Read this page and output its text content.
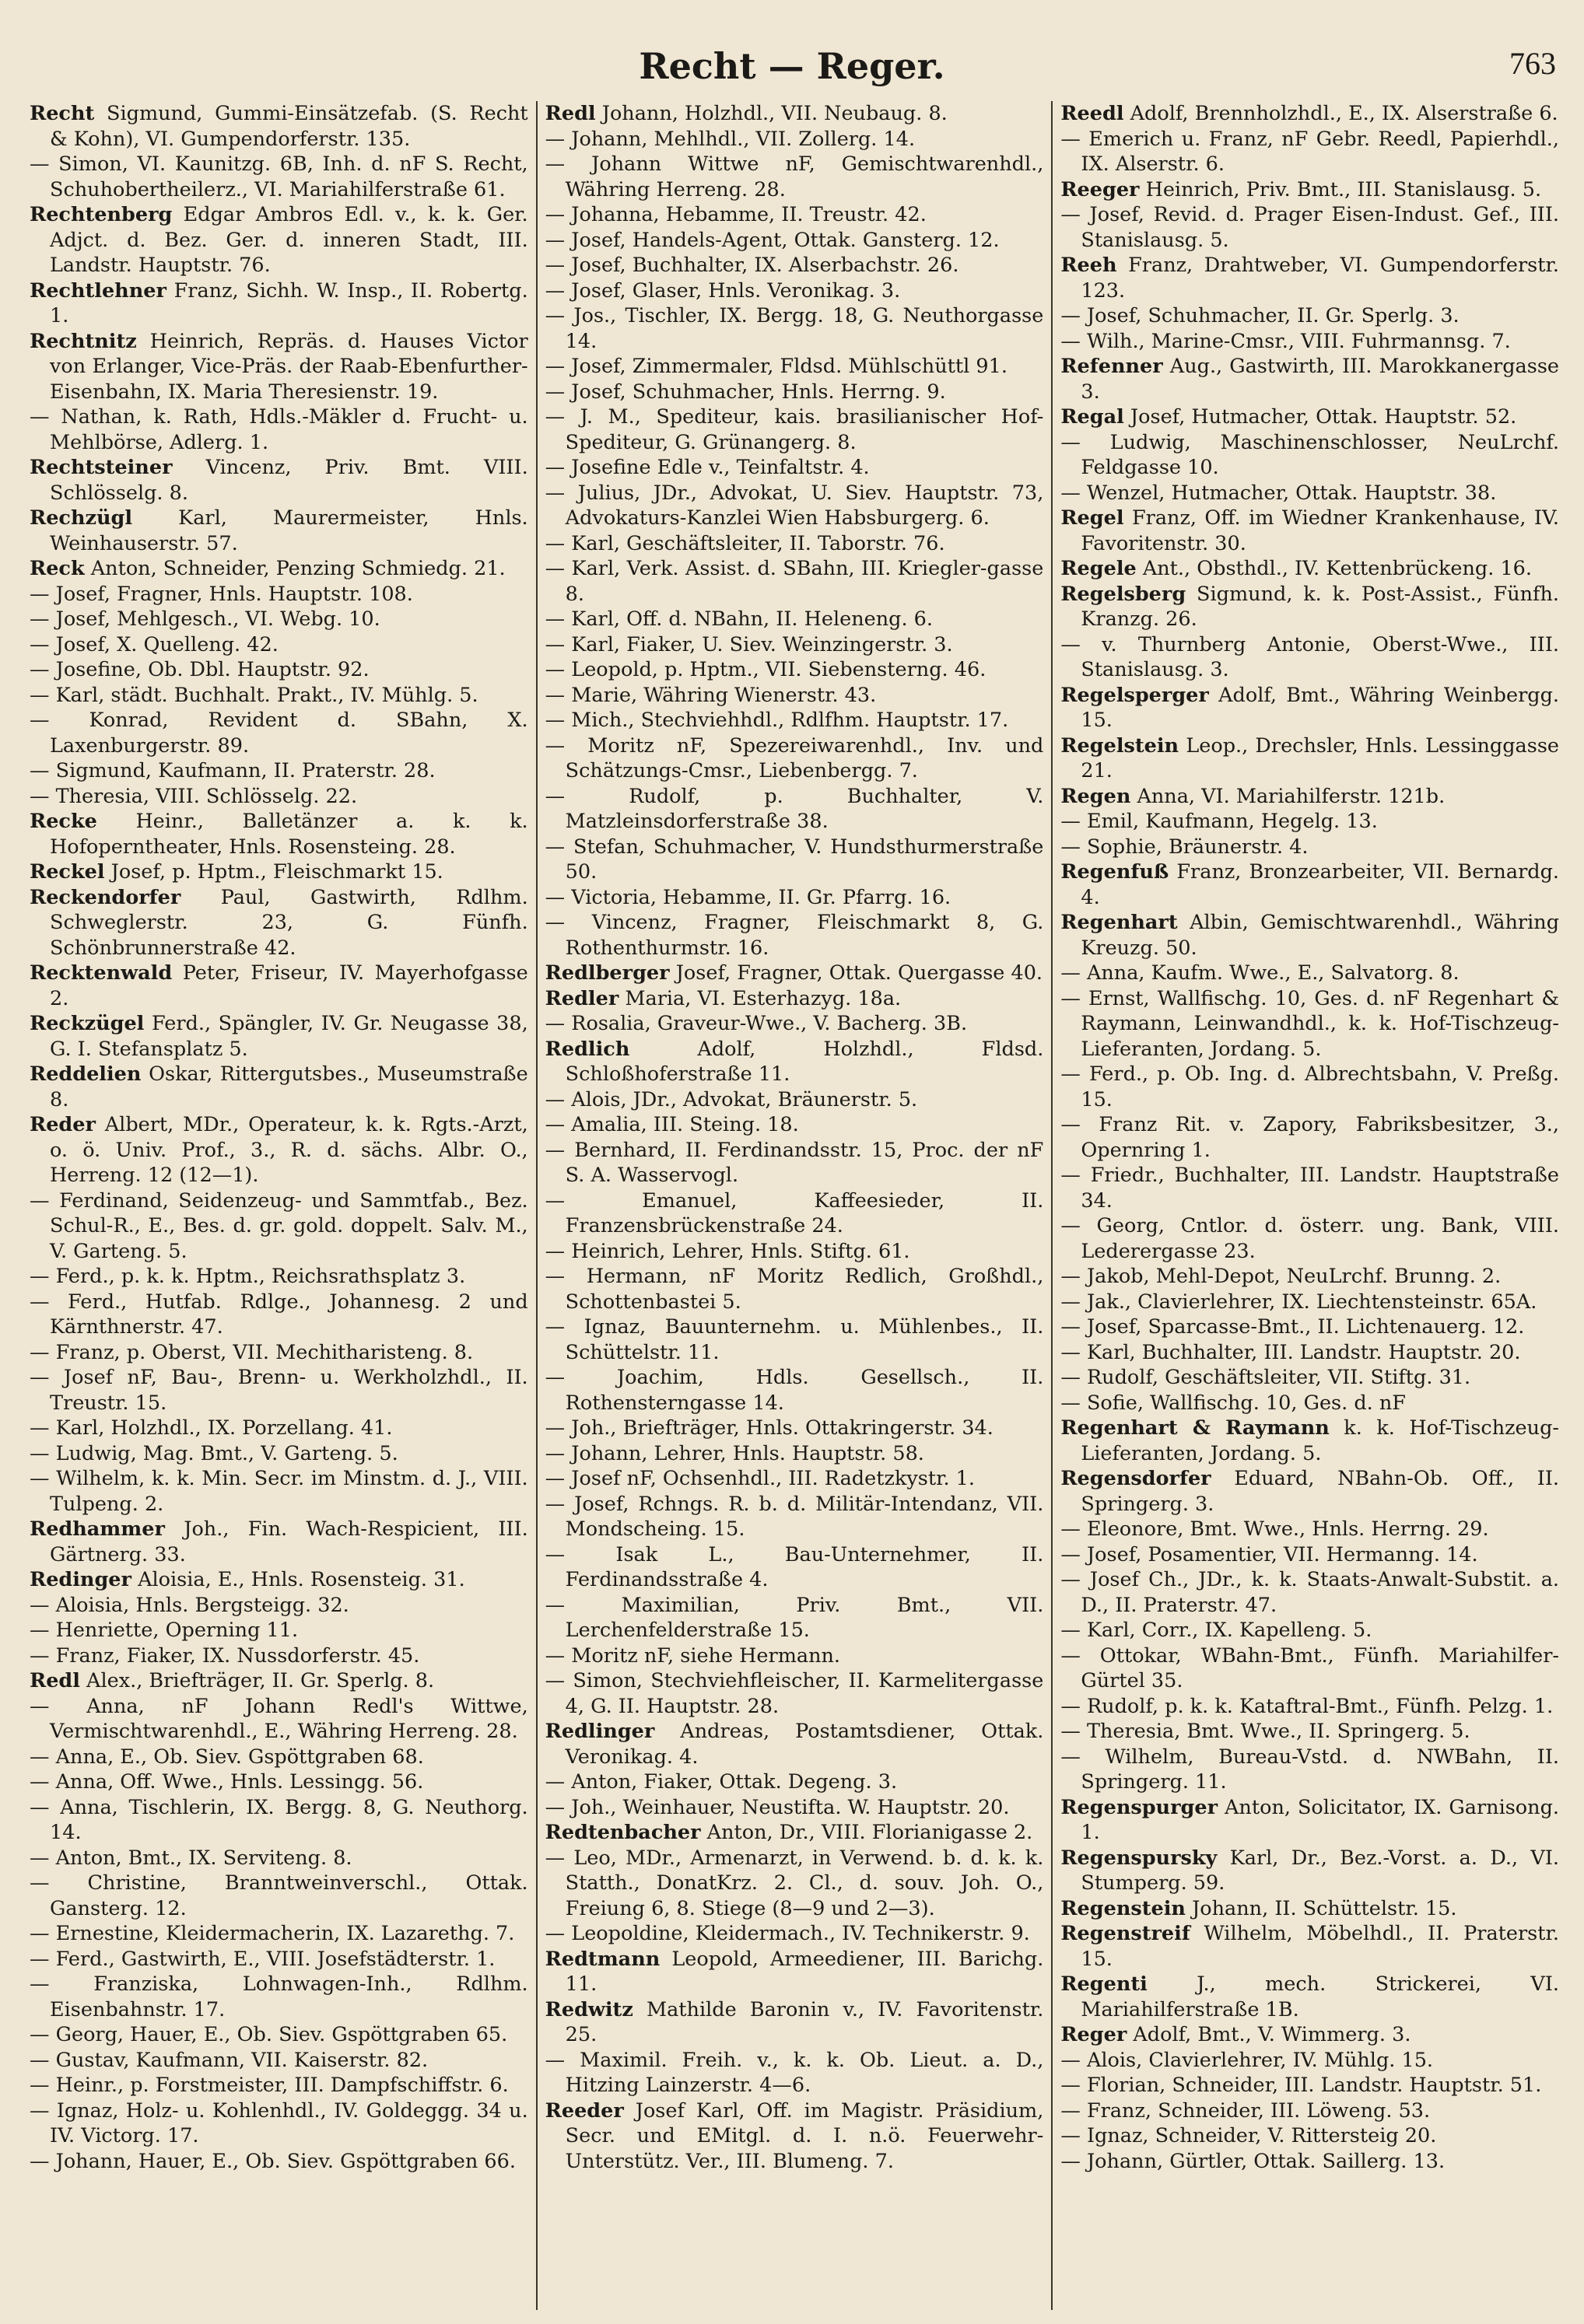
Recht — Reger.	763

Recht Sigmund, Gummi-Einsätzefab. (S. Recht & Kohn), VI. Gumpendorferstr. 135.

— Simon, VI. Kaunitzg. 6B, Inh. d. nF S. Recht, Schuhobertheilerz., VI. Mariahilferstraße 61.

Rechtenberg Edgar Ambros Edl. v., k. k. Ger. Adjct. d. Bez. Ger. d. inneren Stadt, III. Landstr. Hauptstr. 76.

Rechtlehner Franz, Sichh. W. Insp., II. Robertg. 1.

Rechtnitz Heinrich, Repräs. d. Hauses Victor von Erlanger, Vice-Präs. der Raab-Ebenfurther-Eisenbahn, IX. Maria Theresienstr. 19.

— Nathan, k. Rath, Hdls.-Mäkler d. Frucht- u. Mehlbörse, Adlerg. 1.

Rechtsteiner Vincenz, Priv. Bmt. VIII. Schlösselg. 8.

Rechzügl Karl, Maurermeister, Hnls. Weinhauserstr. 57.

Reck Anton, Schneider, Penzing Schmiedg. 21.

— Josef, Fragner, Hnls. Hauptstr. 108.

— Josef, Mehlgesch., VI. Webg. 10.

— Josef, X. Quelleng. 42.

— Josefine, Ob. Dbl. Hauptstr. 92.

— Karl, städt. Buchhalt. Prakt., IV. Mühlg. 5.

— Konrad, Revident d. SBahn, X. Laxenburgerstr. 89.

— Sigmund, Kaufmann, II. Praterstr. 28.

— Theresia, VIII. Schlösselg. 22.

Recke Heinr., Balletänzer a. k. k. Hofoperntheater, Hnls. Rosensteing. 28.

Reckel Josef, p. Hptm., Fleischmarkt 15.

Reckendorfer Paul, Gastwirth, Rdlhm. Schweglerstr. 23, G. Fünfh. Schönbrunnerstraße 42.

Recktenwald Peter, Friseur, IV. Mayerhofgasse 2.

Reckzügel Ferd., Spängler, IV. Gr. Neugasse 38, G. I. Stefansplatz 5.

Reddelien Oskar, Rittergutsbes., Museumstraße 8.

Reder Albert, MDr., Operateur, k. k. Rgts.-Arzt, o. ö. Univ. Prof., 3., R. d. sächs. Albr. O., Herreng. 12 (12—1).

— Ferdinand, Seidenzeug- und Sammtfab., Bez. Schul-R., E., Bes. d. gr. gold. doppelt. Salv. M., V. Garteng. 5.

— Ferd., p. k. k. Hptm., Reichsrathsplatz 3.

— Ferd., Hutfab. Rdlge., Johannesg. 2 und Kärnthnerstr. 47.

— Franz, p. Oberst, VII. Mechitharisteng. 8.

— Josef nF, Bau-, Brenn- u. Werkholzhdl., II. Treustr. 15.

— Karl, Holzhdl., IX. Porzellang. 41.

— Ludwig, Mag. Bmt., V. Garteng. 5.

— Wilhelm, k. k. Min. Secr. im Minstm. d. J., VIII. Tulpeng. 2.

Redhammer Joh., Fin. Wach-Respicient, III. Gärtnerg. 33.

Redinger Aloisia, E., Hnls. Rosensteig. 31.

— Aloisia, Hnls. Bergsteigg. 32.

— Henriette, Operning 11.

— Franz, Fiaker, IX. Nussdorferstr. 45.

Redl Alex., Briefträger, II. Gr. Sperlg. 8.

— Anna, nF Johann Redl's Wittwe, Vermischtwarenhdl., E., Währing Herreng. 28.

— Anna, E., Ob. Siev. Gspöttgraben 68.

— Anna, Off. Wwe., Hnls. Lessingg. 56.

— Anna, Tischlerin, IX. Bergg. 8, G. Neuthorg. 14.

— Anton, Bmt., IX. Serviteng. 8.

— Christine, Branntweinverschl., Ottak. Gansterg. 12.

— Ernestine, Kleidermacherin, IX. Lazarethg. 7.

— Ferd., Gastwirth, E., VIII. Josefstädterstr. 1.

— Franziska, Lohnwagen-Inh., Rdlhm. Eisenbahnstr. 17.

— Georg, Hauer, E., Ob. Siev. Gspöttgraben 65.

— Gustav, Kaufmann, VII. Kaiserstr. 82.

— Heinr., p. Forstmeister, III. Dampfschiffstr. 6.

— Ignaz, Holz- u. Kohlenhdl., IV. Goldeggg. 34 u. IV. Victorg. 17.

— Johann, Hauer, E., Ob. Siev. Gspöttgraben 66.

Redl Johann, Holzhdl., VII. Neubaug. 8.

— Johann, Mehlhdl., VII. Zollerg. 14.

— Johann Wittwe nF, Gemischtwarenhdl., Währing Herreng. 28.

— Johanna, Hebamme, II. Treustr. 42.

— Josef, Handels-Agent, Ottak. Gansterg. 12.

— Josef, Buchhalter, IX. Alserbachstr. 26.

— Josef, Glaser, Hnls. Veronikag. 3.

— Jos., Tischler, IX. Bergg. 18, G. Neuthorgasse 14.

— Josef, Zimmermaler, Fldsd. Mühlschüttl 91.

— Josef, Schuhmacher, Hnls. Herrng. 9.

— J. M., Spediteur, kais. brasilianischer Hof-Spediteur, G. Grünangerg. 8.

— Josefine Edle v., Teinfaltstr. 4.

— Julius, JDr., Advokat, U. Siev. Hauptstr. 73, Advokaturs-Kanzlei Wien Habsburgerg. 6.

— Karl, Geschäftsleiter, II. Taborstr. 76.

— Karl, Verk. Assist. d. SBahn, III. Kriegler-gasse 8.

— Karl, Off. d. NBahn, II. Heleneng. 6.

— Karl, Fiaker, U. Siev. Weinzingerstr. 3.

— Leopold, p. Hptm., VII. Siebensterng. 46.

— Marie, Währing Wienerstr. 43.

— Mich., Stechviehhdl., Rdlfhm. Hauptstr. 17.

— Moritz nF, Spezereiwarenhdl., Inv. und Schätzungs-Cmsr., Liebenbergg. 7.

— Rudolf, p. Buchhalter, V. Matzleinsdorferstraße 38.

— Stefan, Schuhmacher, V. Hundsthurmerstraße 50.

— Victoria, Hebamme, II. Gr. Pfarrg. 16.

— Vincenz, Fragner, Fleischmarkt 8, G. Rothenthurmstr. 16.

Redlberger Josef, Fragner, Ottak. Quergasse 40.

Redler Maria, VI. Esterhazyg. 18a.

— Rosalia, Graveur-Wwe., V. Bacherg. 3B.

Redlich	Adolf, Holzhdl., Fldsd. Schloßhoferstraße 11.

— Alois, JDr., Advokat, Bräunerstr. 5.

— Amalia, III. Steing. 18.

— Bernhard, II. Ferdinandsstr. 15, Proc. der nF S. A. Wasservogl.

— Emanuel, Kaffeesieder, II. Franzensbrückenstraße 24.

— Heinrich, Lehrer, Hnls. Stiftg. 61.

— Hermann, nF Moritz Redlich, Großhdl., Schottenbastei 5.

— Ignaz, Bauunternehm. u. Mühlenbes., II. Schüttelstr. 11.

— Joachim, Hdls. Gesellsch., II. Rothensterngasse 14.

— Joh., Briefträger, Hnls. Ottakringerstr. 34.

— Johann, Lehrer, Hnls. Hauptstr. 58.

— Josef nF, Ochsenhdl., III. Radetzkystr. 1.

— Josef, Rchngs. R. b. d. Militär-Intendanz, VII. Mondscheing. 15.

— Isak L., Bau-Unternehmer, II. Ferdinandsstraße 4.

— Maximilian, Priv. Bmt., VII. Lerchenfelderstraße 15.

— Moritz nF, siehe Hermann.

— Simon, Stechviehfleischer, II. Karmelitergasse 4, G. II. Hauptstr. 28.

Redlinger Andreas, Postamtsdiener, Ottak. Veronikag. 4.

— Anton, Fiaker, Ottak. Degeng. 3.

— Joh., Weinhauer, Neustifta. W. Hauptstr. 20.

Redtenbacher Anton, Dr., VIII. Florianigasse 2.

— Leo, MDr., Armenarzt, in Verwend. b. d. k. k. Statth., DonatKrz. 2. Cl., d. souv. Joh. O., Freiung 6, 8. Stiege (8—9 und 2—3).

— Leopoldine, Kleidermach., IV. Technikerstr. 9.

Redtmann Leopold, Armeediener, III. Barichg. 11.

Redwitz Mathilde Baronin v., IV. Favoritenstr. 25.

— Maximil. Freih. v., k. k. Ob. Lieut. a. D., Hitzing Lainzerstr. 4—6.

Reeder Josef Karl, Off. im Magistr. Präsidium, Secr. und EMitgl. d. I. n.ö. Feuerwehr-Unterstütz. Ver., III. Blumeng. 7.

Reedl Adolf, Brennholzhdl., E., IX. Alserstraße 6.

— Emerich u. Franz, nF Gebr. Reedl, Papierhdl., IX. Alserstr. 6.

Reeger Heinrich, Priv. Bmt., III. Stanislausg. 5.

— Josef, Revid. d. Prager Eisen-Indust. Gef., III. Stanislausg. 5.

Reeh Franz, Drahtweber, VI. Gumpendorferstr. 123.

— Josef, Schuhmacher, II. Gr. Sperlg. 3.

— Wilh., Marine-Cmsr., VIII. Fuhrmannsg. 7.

Refenner Aug., Gastwirth, III. Marokkanergasse 3.

Regal Josef, Hutmacher, Ottak. Hauptstr. 52.

— Ludwig, Maschinenschlosser, NeuLrchf. Feldgasse 10.

— Wenzel, Hutmacher, Ottak. Hauptstr. 38.

Regel Franz, Off. im Wiedner Krankenhause, IV. Favoritenstr. 30.

Regele Ant., Obsthdl., IV. Kettenbrückeng. 16.

Regelsberg Sigmund, k. k. Post-Assist., Fünfh. Kranzg. 26.

— v. Thurnberg Antonie, Oberst-Wwe., III. Stanislausg. 3.

Regelsperger Adolf, Bmt., Währing Weinbergg. 15.

Regelstein Leop., Drechsler, Hnls. Lessinggasse 21.

Regen Anna, VI. Mariahilferstr. 121b.

— Emil, Kaufmann, Hegelg. 13.

— Sophie, Bräunerstr. 4.

Regenfuß Franz, Bronzearbeiter, VII. Bernardg. 4.

Regenhart Albin, Gemischtwarenhdl., Währing Kreuzg. 50.

— Anna, Kaufm. Wwe., E., Salvatorg. 8.

— Ernst, Wallfischg. 10, Ges. d. nF Regenhart & Raymann, Leinwandhdl., k. k. Hof-Tischzeug-Lieferanten, Jordang. 5.

— Ferd., p. Ob. Ing. d. Albrechtsbahn, V. Preßg. 15.

— Franz Rit. v. Zapory, Fabriksbesitzer, 3., Opernring 1.

— Friedr., Buchhalter, III. Landstr. Hauptstraße 34.

— Georg, Cntlor. d. österr. ung. Bank, VIII. Lederergasse 23.

— Jakob, Mehl-Depot, NeuLrchf. Brunng. 2.

— Jak., Clavierlehrer, IX. Liechtensteinstr. 65A.

— Josef, Sparcasse-Bmt., II. Lichtenauerg. 12.

— Karl, Buchhalter, III. Landstr. Hauptstr. 20.

— Rudolf, Geschäftsleiter, VII. Stiftg. 31.

— Sofie, Wallfischg. 10, Ges. d. nF

Regenhart & Raymann k. k. Hof-Tischzeug-Lieferanten, Jordang. 5.

Regensdorfer Eduard, NBahn-Ob. Off., II. Springerg. 3.

— Eleonore, Bmt. Wwe., Hnls. Herrng. 29.

— Josef, Posamentier, VII. Hermanng. 14.

— Josef Ch., JDr., k. k. Staats-Anwalt-Substit. a. D., II. Praterstr. 47.

— Karl, Corr., IX. Kapelleng. 5.

— Ottokar, WBahn-Bmt., Fünfh. Mariahilfer-Gürtel 35.

— Rudolf, p. k. k. Kataftral-Bmt., Fünfh. Pelzg. 1.

— Theresia, Bmt. Wwe., II. Springerg. 5.

— Wilhelm, Bureau-Vstd. d. NWBahn, II. Springerg. 11.

Regenspurger Anton, Solicitator, IX. Garnisong. 1.

Regenspursky Karl, Dr., Bez.-Vorst. a. D., VI. Stumperg. 59.

Regenstein Johann, II. Schüttelstr. 15.

Regenstreif Wilhelm, Möbelhdl., II. Praterstr. 15.

Regenti J., mech. Strickerei, VI. Mariahilferstraße 1B.

Reger Adolf, Bmt., V. Wimmerg. 3.

— Alois, Clavierlehrer, IV. Mühlg. 15.

— Florian, Schneider, III. Landstr. Hauptstr. 51.

— Franz, Schneider, III. Löweng. 53.

— Ignaz, Schneider, V. Rittersteig 20.

— Johann, Gürtler, Ottak. Saillerg. 13.
